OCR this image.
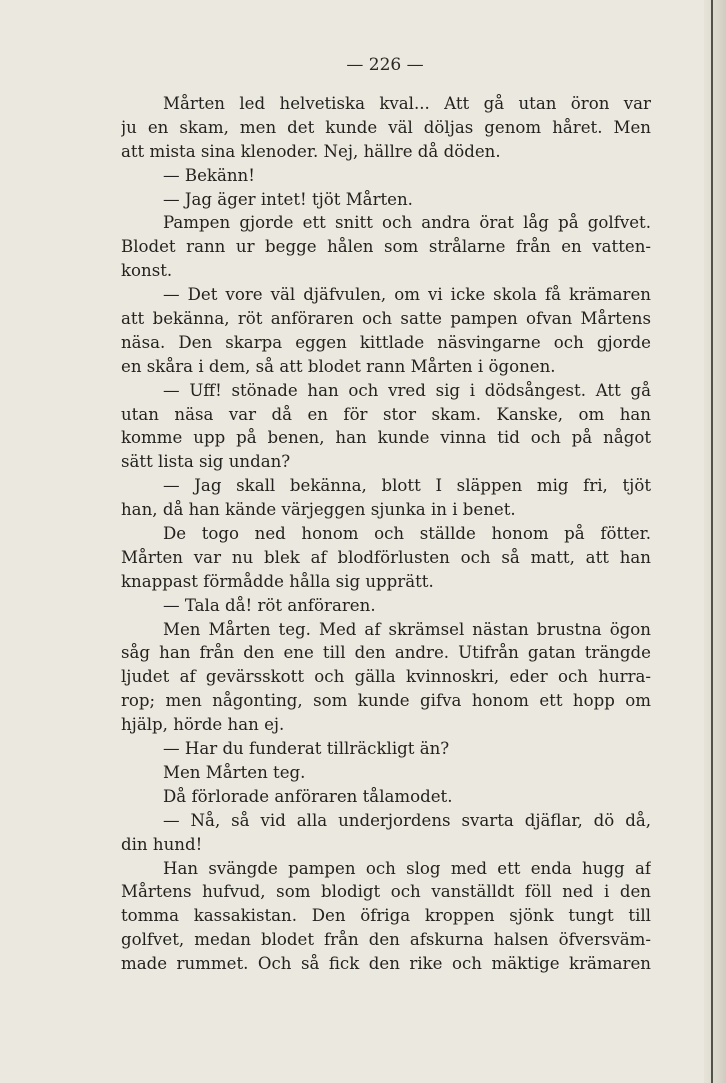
— 226 —
Mårten led helvetiska kval... Att gå utan öron var
ju en skam, men det kunde väl döljas genom håret. Men
att mista sina klenoder. Nej, hällre då döden.
— Bekänn!
— Jag äger intet! tjöt Mårten.
Pampen gjorde ett snitt och andra örat låg på golfvet.
Blodet rann ur begge hålen som strålarne från en vatten-
konst.
— Det vore väl djäfvulen, om vi icke skola få krämaren
att bekänna, röt anföraren och satte pampen ofvan Mårtens
näsa. Den skarpa eggen kittlade näsvingarne och gjorde
en skåra i dem, så att blodet rann Mårten i ögonen.
— Uff! stönade han och vred sig i dödsångest. Att gå
utan näsa var då en för stor skam. Kanske, om han
komme upp på benen, han kunde vinna tid och på något
sätt lista sig undan?
— Jag skall bekänna, blott I släppen mig fri, tjöt
han, då han kände värjeggen sjunka in i benet.
De togo ned honom och ställde honom på fötter.
Mårten var nu blek af blodförlusten och så matt, att han
knappast förmådde hålla sig upprätt.
— Tala då! röt anföraren.
Men Mårten teg. Med af skrämsel nästan brustna ögon
såg han från den ene till den andre. Utifrån gatan trängde
ljudet af gevärsskott och gälla kvinnoskri, eder och hurra-
rop; men någonting, som kunde gifva honom ett hopp om
hjälp, hörde han ej.
— Har du funderat tillräckligt än?
Men Mårten teg.
Då förlorade anföraren tålamodet.
— Nå, så vid alla underjordens svarta djäflar, dö då,
din hund!
Han svängde pampen och slog med ett enda hugg af
Mårtens hufvud, som blodigt och vanställdt föll ned i den
tomma kassakistan. Den öfriga kroppen sjönk tungt till
golfvet, medan blodet från den afskurna halsen öfversväm-
made rummet. Och så fick den rike och mäktige krämaren
